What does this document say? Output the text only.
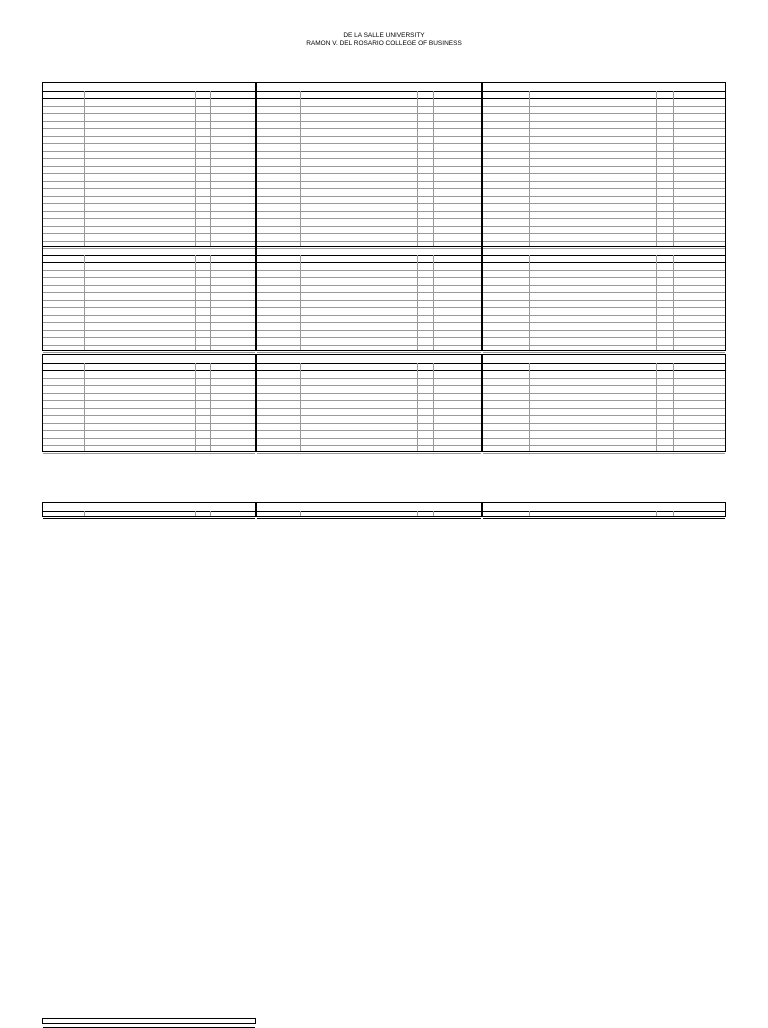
DE LA SALLE UNIVERSITY
RAMON V. DEL ROSARIO COLLEGE OF BUSINESS
